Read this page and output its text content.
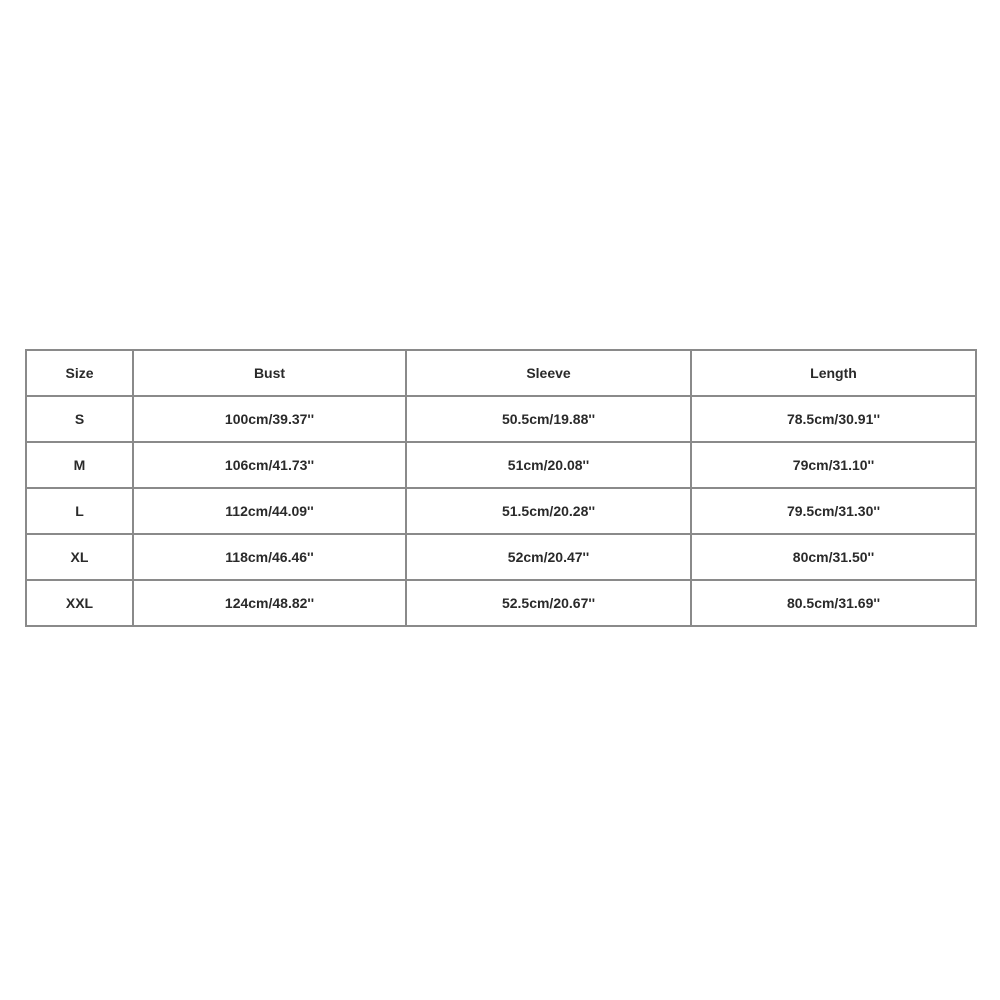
Size	Bust	Sleeve	Length
S	100cm/39.37''	50.5cm/19.88''	78.5cm/30.91''
M	106cm/41.73''	51cm/20.08''	79cm/31.10''
L	112cm/44.09''	51.5cm/20.28''	79.5cm/31.30''
XL	118cm/46.46''	52cm/20.47''	80cm/31.50''
XXL	124cm/48.82''	52.5cm/20.67''	80.5cm/31.69''
